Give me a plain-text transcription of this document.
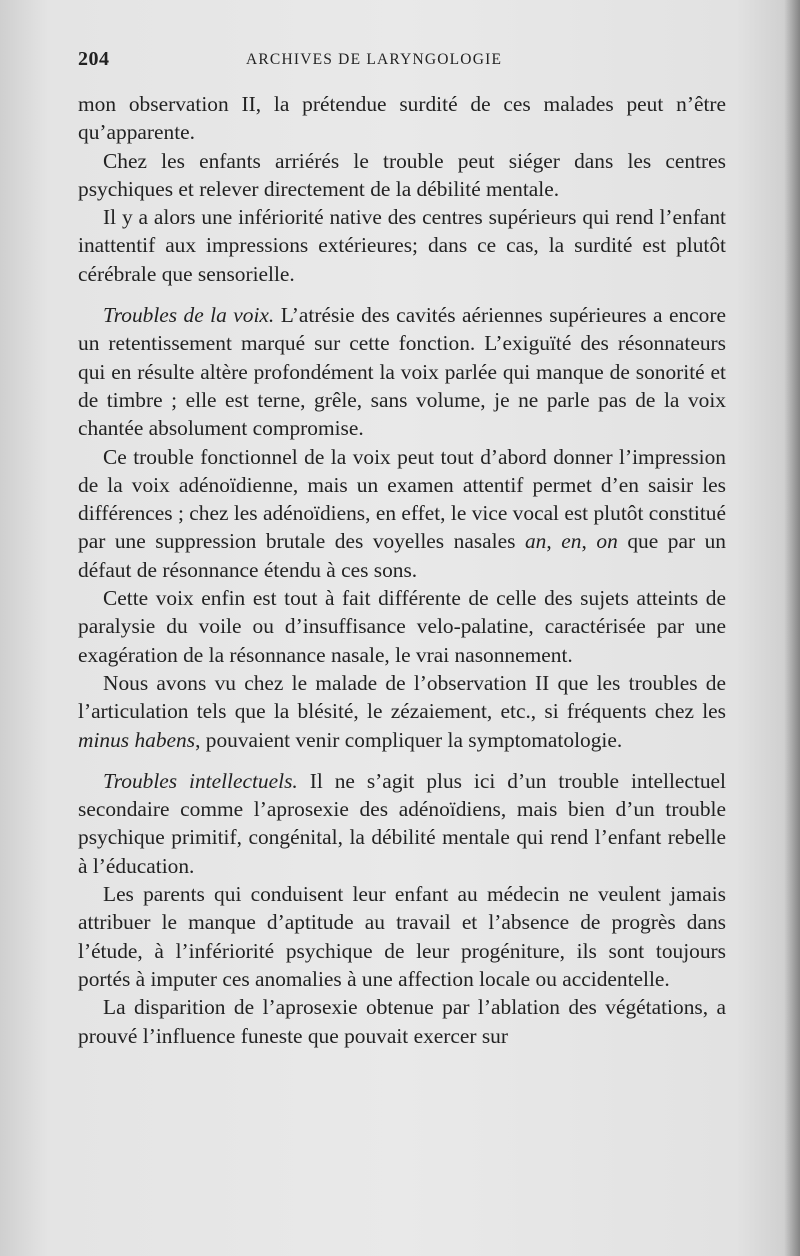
204	ARCHIVES DE LARYNGOLOGIE

mon observation II, la prétendue surdité de ces malades peut n’être qu’apparente.

Chez les enfants arriérés le trouble peut siéger dans les centres psychiques et relever directement de la débilité mentale.

Il y a alors une infériorité native des centres supérieurs qui rend l’enfant inattentif aux impressions extérieures; dans ce cas, la surdité est plutôt cérébrale que sensorielle.

Troubles de la voix. L’atrésie des cavités aériennes supérieures a encore un retentissement marqué sur cette fonction. L’exiguïté des résonnateurs qui en résulte altère profondément la voix parlée qui manque de sonorité et de timbre ; elle est terne, grêle, sans volume, je ne parle pas de la voix chantée absolument compromise.

Ce trouble fonctionnel de la voix peut tout d’abord donner l’impression de la voix adénoïdienne, mais un examen attentif permet d’en saisir les différences ; chez les adénoïdiens, en effet, le vice vocal est plutôt constitué par une suppression brutale des voyelles nasales an, en, on que par un défaut de résonnance étendu à ces sons.

Cette voix enfin est tout à fait différente de celle des sujets atteints de paralysie du voile ou d’insuffisance velo-palatine, caractérisée par une exagération de la résonnance nasale, le vrai nasonnement.

Nous avons vu chez le malade de l’observation II que les troubles de l’articulation tels que la blésité, le zézaiement, etc., si fréquents chez les minus habens, pouvaient venir compliquer la symptomatologie.

Troubles intellectuels. Il ne s’agit plus ici d’un trouble intellectuel secondaire comme l’aprosexie des adénoïdiens, mais bien d’un trouble psychique primitif, congénital, la débilité mentale qui rend l’enfant rebelle à l’éducation.

Les parents qui conduisent leur enfant au médecin ne veulent jamais attribuer le manque d’aptitude au travail et l’absence de progrès dans l’étude, à l’infériorité psychique de leur progéniture, ils sont toujours portés à imputer ces anomalies à une affection locale ou accidentelle.

La disparition de l’aprosexie obtenue par l’ablation des végétations, a prouvé l’influence funeste que pouvait exercer sur
